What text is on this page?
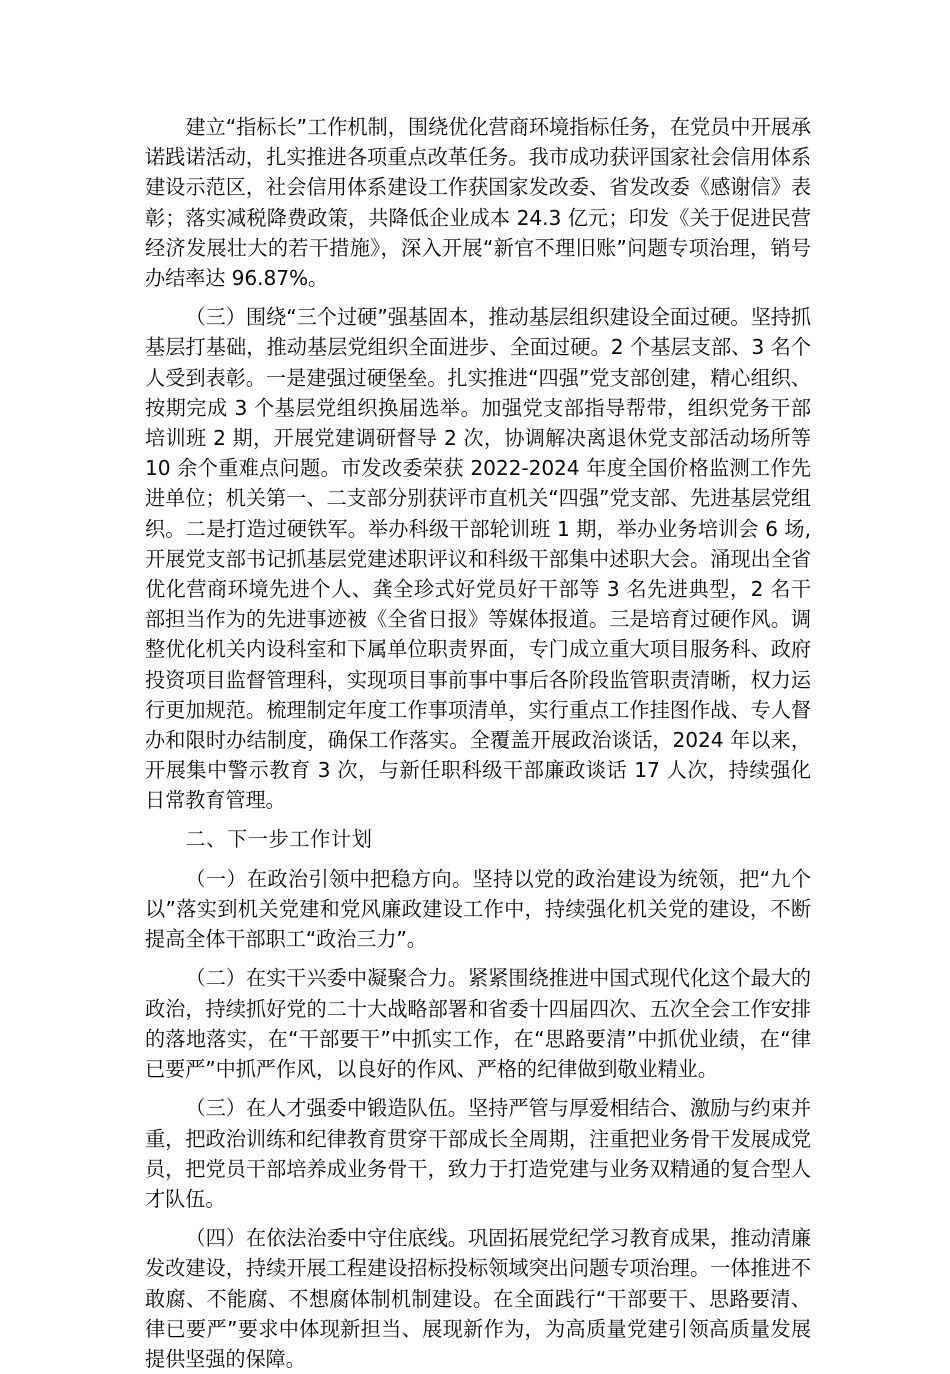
建立“指标长”工作机制，围绕优化营商环境指标任务，在党员中开展承诺践诺活动，扎实推进各项重点改革任务。我市成功获评国家社会信用体系建设示范区，社会信用体系建设工作获国家发改委、省发改委《感谢信》表彰；落实减税降费政策，共降低企业成本 24.3 亿元；印发《关于促进民营经济发展壮大的若干措施》，深入开展“新官不理旧账”问题专项治理，销号办结率达 96.87%。

（三）围绕“三个过硬”强基固本，推动基层组织建设全面过硬。坚持抓基层打基础，推动基层党组织全面进步、全面过硬。2 个基层支部、3 名个人受到表彰。一是建强过硬堡垒。扎实推进“四强”党支部创建，精心组织、按期完成 3 个基层党组织换届选举。加强党支部指导帮带，组织党务干部培训班 2 期，开展党建调研督导 2 次，协调解决离退休党支部活动场所等 10 余个重难点问题。市发改委荣获 2022-2024 年度全国价格监测工作先进单位；机关第一、二支部分别获评市直机关“四强”党支部、先进基层党组织。二是打造过硬铁军。举办科级干部轮训班 1 期，举办业务培训会 6 场,开展党支部书记抓基层党建述职评议和科级干部集中述职大会。涌现出全省优化营商环境先进个人、龚全珍式好党员好干部等 3 名先进典型，2 名干部担当作为的先进事迹被《全省日报》等媒体报道。三是培育过硬作风。调整优化机关内设科室和下属单位职责界面，专门成立重大项目服务科、政府投资项目监督管理科，实现项目事前事中事后各阶段监管职责清晰，权力运行更加规范。梳理制定年度工作事项清单，实行重点工作挂图作战、专人督办和限时办结制度，确保工作落实。全覆盖开展政治谈话，2024 年以来，开展集中警示教育 3 次，与新任职科级干部廉政谈话 17 人次，持续强化日常教育管理。

二、下一步工作计划

（一）在政治引领中把稳方向。坚持以党的政治建设为统领，把“九个以”落实到机关党建和党风廉政建设工作中，持续强化机关党的建设，不断提高全体干部职工“政治三力”。

（二）在实干兴委中凝聚合力。紧紧围绕推进中国式现代化这个最大的政治，持续抓好党的二十大战略部署和省委十四届四次、五次全会工作安排的落地落实，在“干部要干”中抓实工作，在“思路要清”中抓优业绩，在“律已要严”中抓严作风，以良好的作风、严格的纪律做到敬业精业。

（三）在人才强委中锻造队伍。坚持严管与厚爱相结合、激励与约束并重，把政治训练和纪律教育贯穿干部成长全周期，注重把业务骨干发展成党员，把党员干部培养成业务骨干，致力于打造党建与业务双精通的复合型人才队伍。

（四）在依法治委中守住底线。巩固拓展党纪学习教育成果，推动清廉发改建设，持续开展工程建设招标投标领域突出问题专项治理。一体推进不敢腐、不能腐、不想腐体制机制建设。在全面践行“干部要干、思路要清、律已要严”要求中体现新担当、展现新作为，为高质量党建引领高质量发展提供坚强的保障。
